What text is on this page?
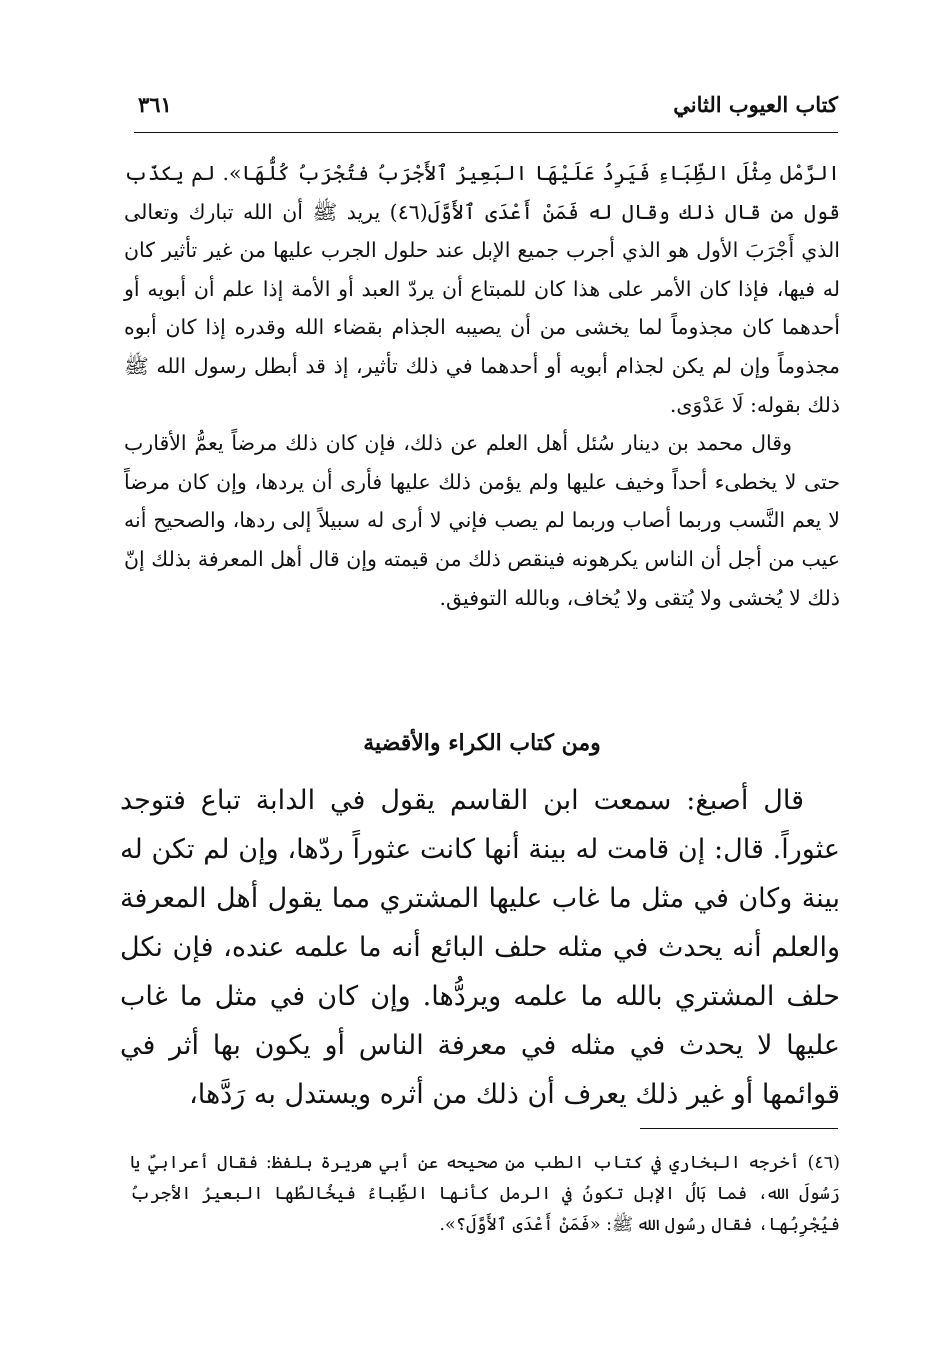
كتاب العيوب الثاني
٣٦١

الرَّمْل مِثْلَ الظِّبَاءِ فَيَرِدُ عَلَيْهَا البَعِيرُ ٱلأَجْرَبُ فتُجْرَبُ كُلُّهَا». لم يكذّب قول من قال ذلك وقال له فَمَنْ أَعْدَى ٱلأَوَّلَ(٤٦) يريد ﷺ أن الله تبارك وتعالى الذي أَجْرَبَ الأول هو الذي أجرب جميع الإبل عند حلول الجرب عليها من غير تأثير كان له فيها، فإذا كان الأمر على هذا كان للمبتاع أن يردّ العبد أو الأمة إذا علم أن أبويه أو أحدهما كان مجذوماً لما يخشى من أن يصيبه الجذام بقضاء الله وقدره إذا كان أبوه مجذوماً وإن لم يكن لجذام أبويه أو أحدهما في ذلك تأثير، إذ قد أبطل رسول الله ﷺ ذلك بقوله: لَا عَدْوَى.

وقال محمد بن دينار سُئل أهل العلم عن ذلك، فإن كان ذلك مرضاً يعمُّ الأقارب حتى لا يخطىء أحداً وخيف عليها ولم يؤمن ذلك عليها فأرى أن يردها، وإن كان مرضاً لا يعم النَّسب وربما أصاب وربما لم يصب فإني لا أرى له سبيلاً إلى ردها، والصحيح أنه عيب من أجل أن الناس يكرهونه فينقص ذلك من قيمته وإن قال أهل المعرفة بذلك إنّ ذلك لا يُخشى ولا يُتقى ولا يُخاف، وبالله التوفيق.

ومن كتاب الكراء والأقضية

قال أصبغ: سمعت ابن القاسم يقول في الدابة تباع فتوجد عثوراً. قال: إن قامت له بينة أنها كانت عثوراً ردّها، وإن لم تكن له بينة وكان في مثل ما غاب عليها المشتري مما يقول أهل المعرفة والعلم أنه يحدث في مثله حلف البائع أنه ما علمه عنده، فإن نكل حلف المشتري بالله ما علمه ويردُّها. وإن كان في مثل ما غاب عليها لا يحدث في مثله في معرفة الناس أو يكون بها أثر في قوائمها أو غير ذلك يعرف أن ذلك من أثره ويستدل به رَدَّها،

(٤٦) أخرجه البخاري في كتاب الطب من صحيحه عن أبي هريرة بلفظ: فقال أعرابيٌ يا رَسُولَ الله، فما بَالُ الإبل تكونُ في الرمل كأنها الظِّباءُ فيخُالطُها البعيرُ الأجربُ فيُجْرِبُها، فقال رسُول الله ﷺ: «فَمَنْ أَعْدَى ٱلأَوَّلَ؟».
